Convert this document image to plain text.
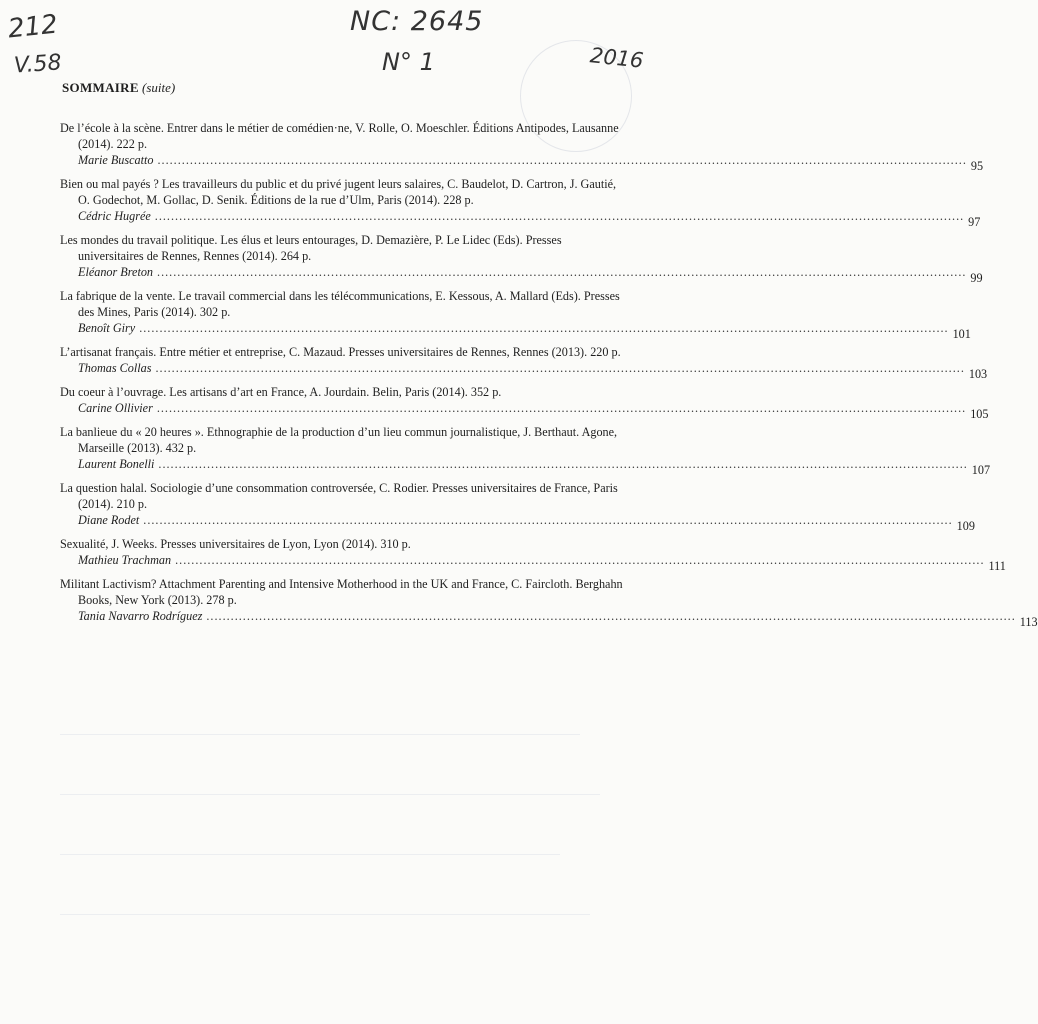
212
V.58
NC: 2645
N° 1	2016
SOMMAIRE (suite)
De l’école à la scène. Entrer dans le métier de comédien·ne, V. Rolle, O. Moeschler. Éditions Antipodes, Lausanne (2014). 222 p.
Marie Buscatto ........................................................................................................................................................................................................ 95
Bien ou mal payés ? Les travailleurs du public et du privé jugent leurs salaires, C. Baudelot, D. Cartron, J. Gautié, O. Godechot, M. Gollac, D. Senik. Éditions de la rue d’Ulm, Paris (2014). 228 p.
Cédric Hugrée ........................................................................................................................................................................................................ 97
Les mondes du travail politique. Les élus et leurs entourages, D. Demazière, P. Le Lidec (Eds). Presses universitaires de Rennes, Rennes (2014). 264 p.
Eléanor Breton ........................................................................................................................................................................................................ 99
La fabrique de la vente. Le travail commercial dans les télécommunications, E. Kessous, A. Mallard (Eds). Presses des Mines, Paris (2014). 302 p.
Benoît Giry ........................................................................................................................................................................................................ 101
L’artisanat français. Entre métier et entreprise, C. Mazaud. Presses universitaires de Rennes, Rennes (2013). 220 p.
Thomas Collas ........................................................................................................................................................................................................ 103
Du coeur à l’ouvrage. Les artisans d’art en France, A. Jourdain. Belin, Paris (2014). 352 p.
Carine Ollivier ........................................................................................................................................................................................................ 105
La banlieue du « 20 heures ». Ethnographie de la production d’un lieu commun journalistique, J. Berthaut. Agone, Marseille (2013). 432 p.
Laurent Bonelli ........................................................................................................................................................................................................ 107
La question halal. Sociologie d’une consommation controversée, C. Rodier. Presses universitaires de France, Paris (2014). 210 p.
Diane Rodet ........................................................................................................................................................................................................ 109
Sexualité, J. Weeks. Presses universitaires de Lyon, Lyon (2014). 310 p.
Mathieu Trachman ........................................................................................................................................................................................................ 111
Militant Lactivism? Attachment Parenting and Intensive Motherhood in the UK and France, C. Faircloth. Berghahn Books, New York (2013). 278 p.
Tania Navarro Rodríguez ........................................................................................................................................................................................................ 113
